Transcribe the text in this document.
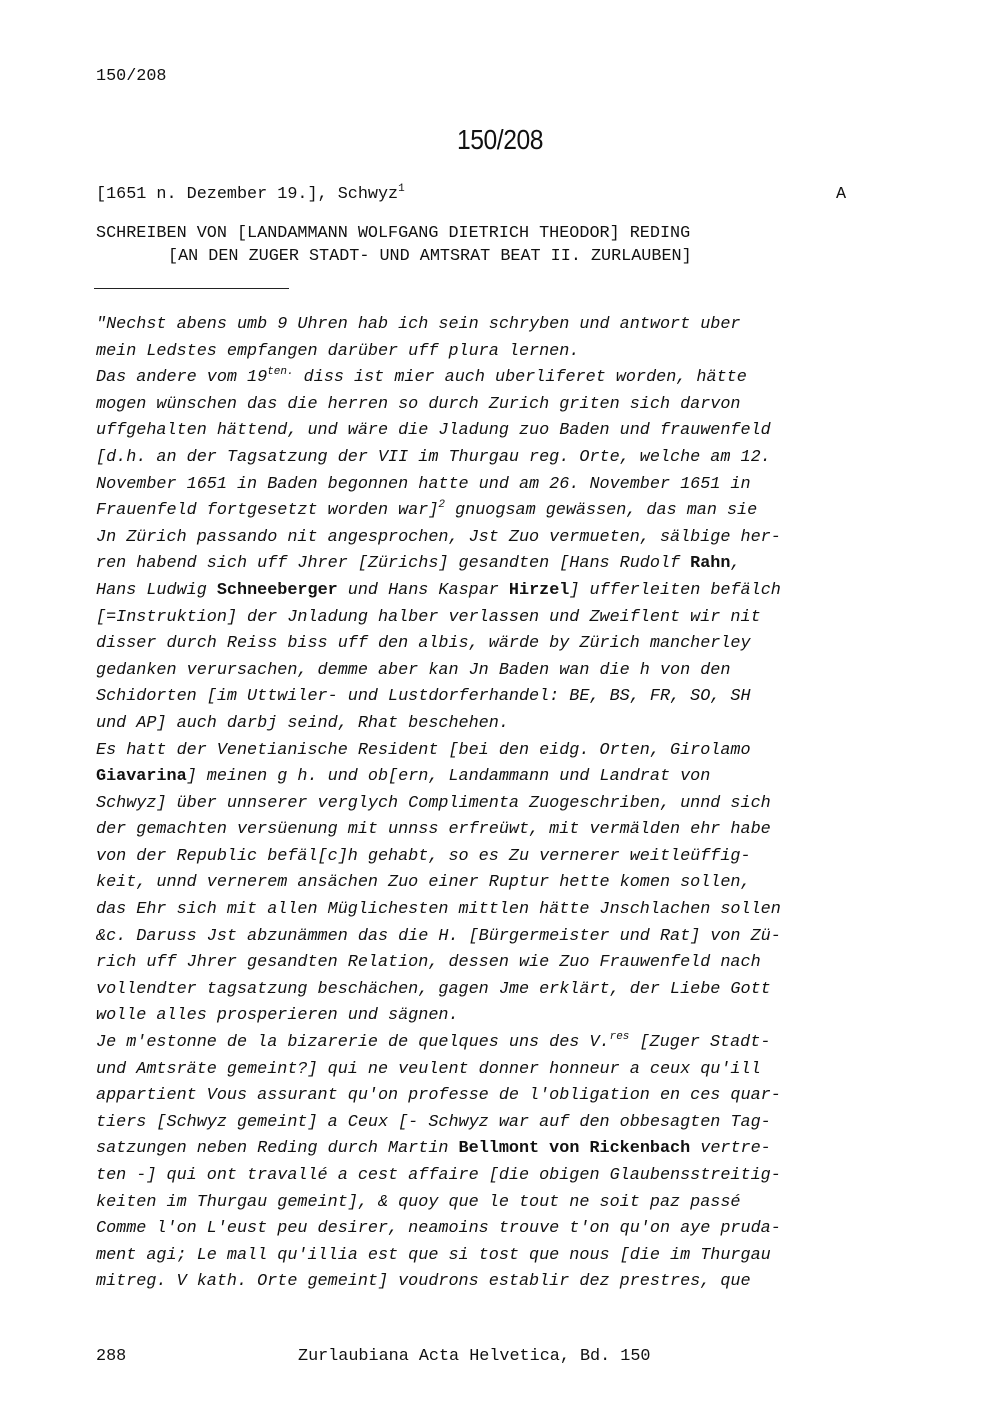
150/208
150/208
[1651 n. Dezember 19.], Schwyz$^1$	A
SCHREIBEN VON [LANDAMMANN WOLFGANG DIETRICH THEODOR] REDING
[AN DEN ZUGER STADT- UND AMTSRAT BEAT II. ZURLAUBEN]
"Nechst abens umb 9 Uhren hab ich sein schryben und antwort uber
mein Ledstes empfangen darüber uff plura lernen.
Das andere vom $19^{ten.}$ diss ist mier auch uberliferet worden, hätte
mogen wünschen das die herren so durch Zurich griten sich darvon
uffgehalten hättend, und wäre die Jladung zuo Baden und frauwenfeld
[d.h. an der Tagsatzung der VII im Thurgau reg. Orte, welche am 12.
November 1651 in Baden begonnen hatte und am 26. November 1651 in
Frauenfeld fortgesetzt worden war]$^2$ gnuogsam gewässen, das man sie
Jn Zürich passando nit angesprochen, Jst Zuo vermueten, sälbige her-
ren habend sich uff Jhrer [Zürichs] gesandten [Hans Rudolf Rahn,
Hans Ludwig Schneeberger und Hans Kaspar Hirzel] ufferleiten befälch
[=Instruktion] der Jnladung halber verlassen und Zweiflent wir nit
disser durch Reiss biss uff den albis, wärde by Zürich mancherley
gedanken verursachen, demme aber kan Jn Baden wan die h von den
Schidorten [im Uttwiler- und Lustdorferhandel: BE, BS, FR, SO, SH
und AP] auch darbj seind, Rhat beschehen.
Es hatt der Venetianische Resident [bei den eidg. Orten, Girolamo
Giavarina] meinen g h. und ob[ern, Landammann und Landrat von
Schwyz] über unnserer verglych Complimenta Zuogeschriben, unnd sich
der gemachten versüenung mit unnss erfreüwt, mit vermälden ehr habe
von der Republic befäl[c]h gehabt, so es Zu vernerer weitleüffig-
keit, unnd vernerem ansächen Zuo einer Ruptur hette komen sollen,
das Ehr sich mit allen Müglichesten mittlen hätte Jnschlachen sollen
&c. Daruss Jst abzunämmen das die H. [Bürgermeister und Rat] von Zü-
rich uff Jhrer gesandten Relation, dessen wie Zuo Frauwenfeld nach
vollendter tagsatzung beschächen, gagen Jme erklärt, der Liebe Gott
wolle alles prosperieren und sägnen.
Je m'estonne de la bizarerie de quelques uns des V.$^{res}$ [Zuger Stadt-
und Amtsräte gemeint?] qui ne veulent donner honneur a ceux qu'ill
appartient Vous assurant qu'on professe de l'obligation en ces quar-
tiers [Schwyz gemeint] a Ceux [- Schwyz war auf den obbesagten Tag-
satzungen neben Reding durch Martin Bellmont von Rickenbach vertre-
ten -] qui ont travallé a cest affaire [die obigen Glaubensstreitig-
keiten im Thurgau gemeint], & quoy que le tout ne soit paz passé
Comme l'on L'eust peu desirer, neamoins trouve t'on qu'on aye pruda-
ment agi; Le mall qu'illia est que si tost que nous [die im Thurgau
mitreg. V kath. Orte gemeint] voudrons establir dez prestres, que
288	Zurlaubiana Acta Helvetica, Bd. 150
